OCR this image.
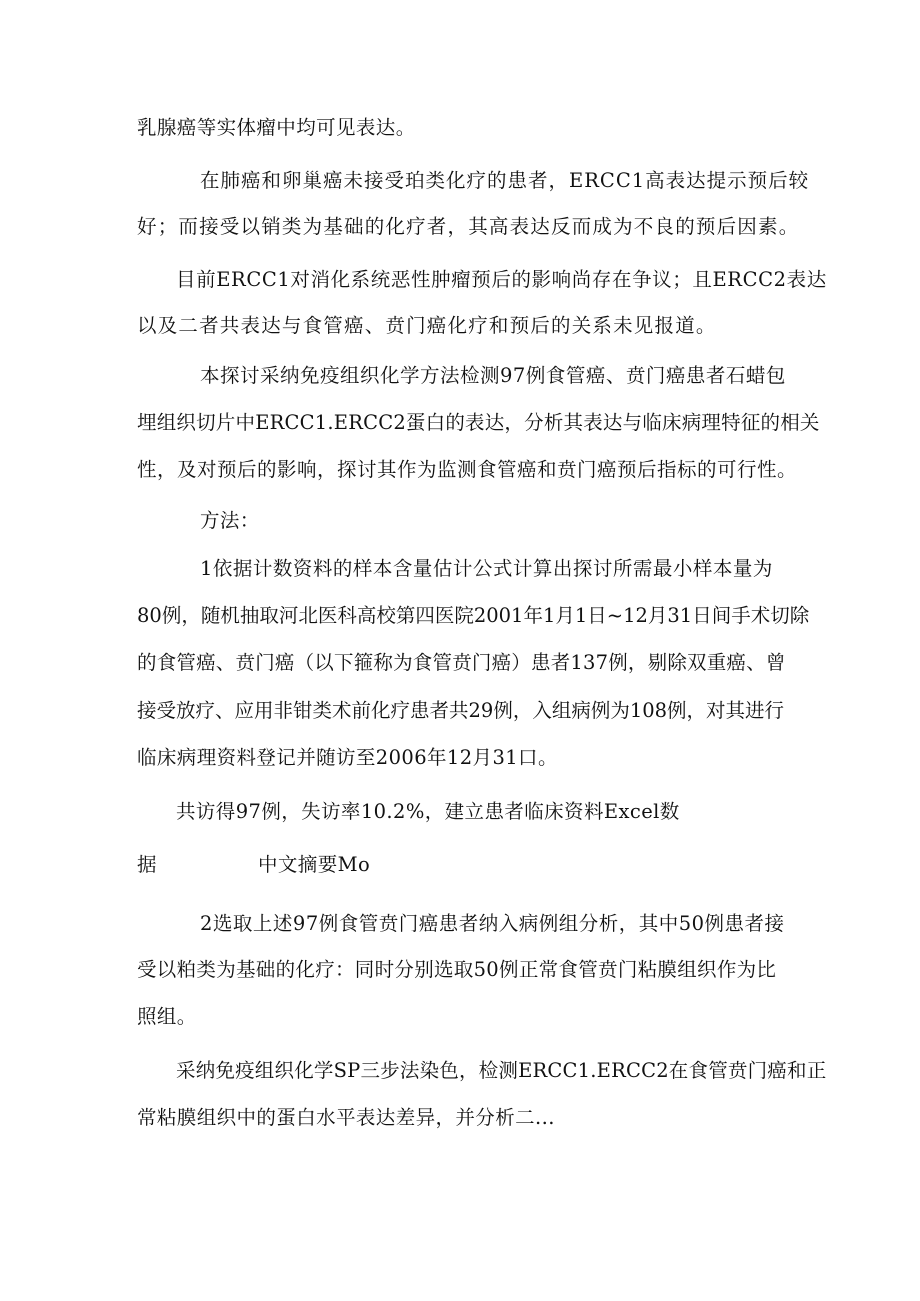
乳腺癌等实体瘤中均可见表达。
在肺癌和卵巢癌未接受珀类化疗的患者，ERCC1高表达提示预后较
好；而接受以销类为基础的化疗者，其高表达反而成为不良的预后因素。
目前ERCC1对消化系统恶性肿瘤预后的影响尚存在争议；且ERCC2表达
以及二者共表达与食管癌、贲门癌化疗和预后的关系未见报道。
本探讨采纳免疫组织化学方法检测97例食管癌、贲门癌患者石蜡包
埋组织切片中ERCC1.ERCC2蛋白的表达，分析其表达与临床病理特征的相关
性，及对预后的影响，探讨其作为监测食管癌和贲门癌预后指标的可行性。
方法：
1依据计数资料的样本含量估计公式计算出探讨所需最小样本量为
80例，随机抽取河北医科高校第四医院2001年1月1日~12月31日间手术切除
的食管癌、贲门癌（以下箍称为食管贲门癌）患者137例，剔除双重癌、曾
接受放疗、应用非钳类术前化疗患者共29例，入组病例为108例，对其进行
临床病理资料登记并随访至2006年12月31口。
共访得97例，失访率10.2%，建立患者临床资料Excel数
据	中文摘要Mo
2选取上述97例食管贲门癌患者纳入病例组分析，其中50例患者接
受以粕类为基础的化疗：同时分别选取50例正常食管贲门粘膜组织作为比
照组。
采纳免疫组织化学SP三步法染色，检测ERCC1.ERCC2在食管贲门癌和正
常粘膜组织中的蛋白水平表达差异，并分析二...
